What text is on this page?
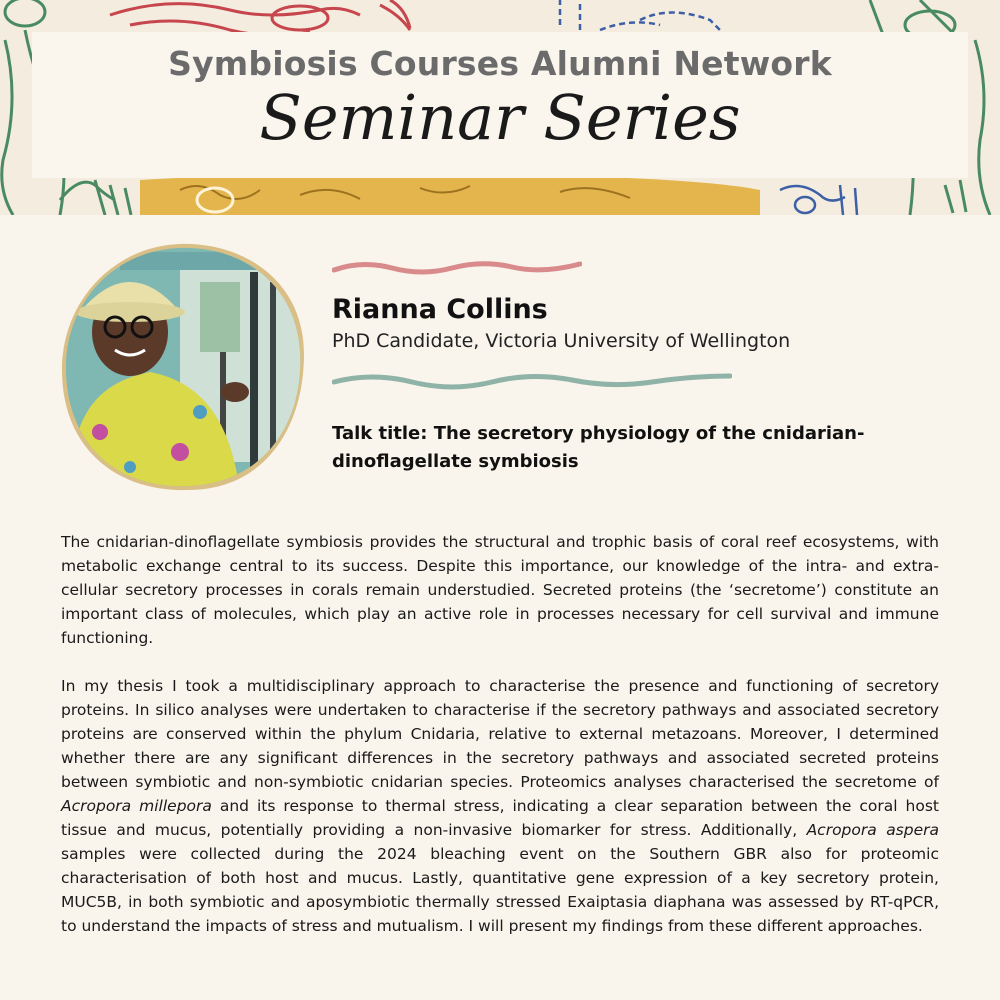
Symbiosis Courses Alumni Network
Seminar Series
Rianna Collins
PhD Candidate, Victoria University of Wellington
Talk title: The secretory physiology of the cnidarian-dinoflagellate symbiosis

The cnidarian-dinoflagellate symbiosis provides the structural and trophic basis of coral reef ecosystems, with metabolic exchange central to its success. Despite this importance, our knowledge of the intra- and extra-cellular secretory processes in corals remain understudied. Secreted proteins (the ‘secretome’) constitute an important class of molecules, which play an active role in processes necessary for cell survival and immune functioning.

In my thesis I took a multidisciplinary approach to characterise the presence and functioning of secretory proteins. In silico analyses were undertaken to characterise if the secretory pathways and associated secretory proteins are conserved within the phylum Cnidaria, relative to external metazoans. Moreover, I determined whether there are any significant differences in the secretory pathways and associated secreted proteins between symbiotic and non-symbiotic cnidarian species. Proteomics analyses characterised the secretome of Acropora millepora and its response to thermal stress, indicating a clear separation between the coral host tissue and mucus, potentially providing a non-invasive biomarker for stress. Additionally, Acropora aspera samples were collected during the 2024 bleaching event on the Southern GBR also for proteomic characterisation of both host and mucus. Lastly, quantitative gene expression of a key secretory protein, MUC5B, in both symbiotic and aposymbiotic thermally stressed Exaiptasia diaphana was assessed by RT-qPCR, to understand the impacts of stress and mutualism. I will present my findings from these different approaches.
